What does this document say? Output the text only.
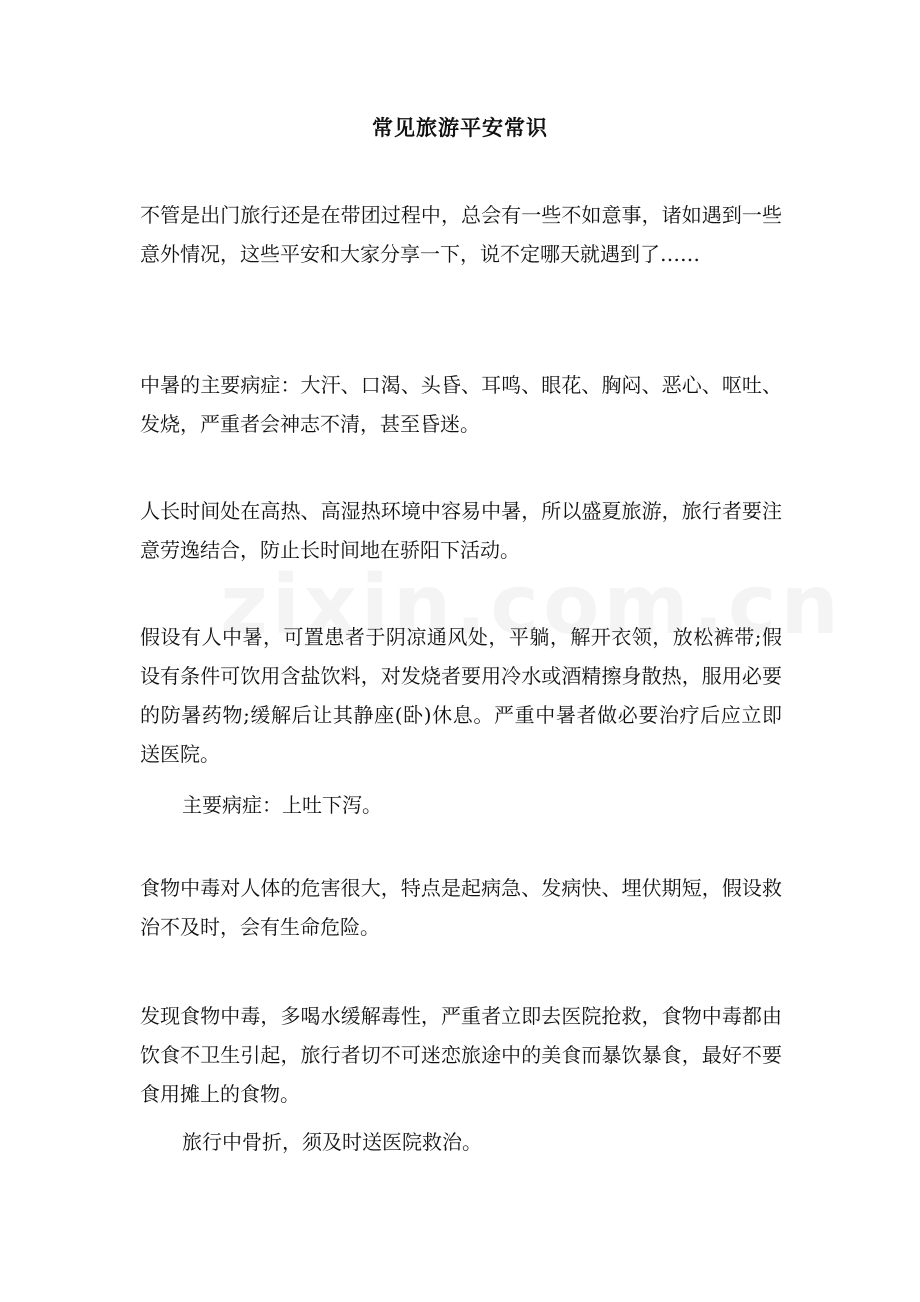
常见旅游平安常识
不管是出门旅行还是在带团过程中，总会有一些不如意事，诸如遇到一些意外情况，这些平安和大家分享一下，说不定哪天就遇到了……
中暑的主要病症：大汗、口渴、头昏、耳鸣、眼花、胸闷、恶心、呕吐、发烧，严重者会神志不清，甚至昏迷。
人长时间处在高热、高湿热环境中容易中暑，所以盛夏旅游，旅行者要注意劳逸结合，防止长时间地在骄阳下活动。
假设有人中暑，可置患者于阴凉通风处，平躺，解开衣领，放松裤带;假设有条件可饮用含盐饮料，对发烧者要用冷水或酒精擦身散热，服用必要的防暑药物;缓解后让其静座(卧)休息。严重中暑者做必要治疗后应立即送医院。
主要病症：上吐下泻。
食物中毒对人体的危害很大，特点是起病急、发病快、埋伏期短，假设救治不及时，会有生命危险。
发现食物中毒，多喝水缓解毒性，严重者立即去医院抢救，食物中毒都由饮食不卫生引起，旅行者切不可迷恋旅途中的美食而暴饮暴食，最好不要食用摊上的食物。
旅行中骨折，须及时送医院救治。
